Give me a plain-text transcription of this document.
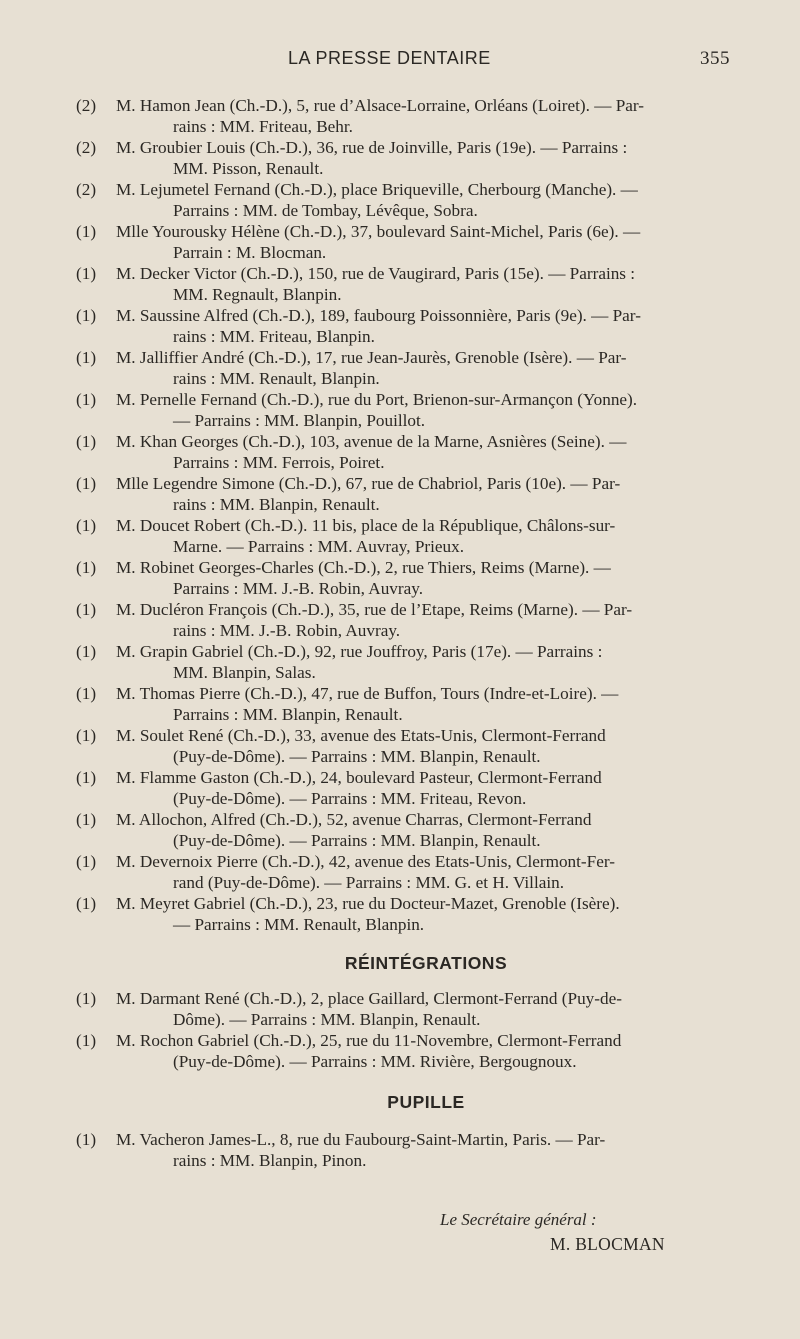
LA PRESSE DENTAIRE	355
(2)	M. Hamon Jean (Ch.-D.), 5, rue d’Alsace-Lorraine, Orléans (Loiret). — Par-
rains : MM. Friteau, Behr.
(2)	M. Groubier Louis (Ch.-D.), 36, rue de Joinville, Paris (19e). — Parrains :
MM. Pisson, Renault.
(2)	M. Lejumetel Fernand (Ch.-D.), place Briqueville, Cherbourg (Manche). —
Parrains : MM. de Tombay, Lévêque, Sobra.
(1)	Mlle Yourousky Hélène (Ch.-D.), 37, boulevard Saint-Michel, Paris (6e). —
Parrain : M. Blocman.
(1)	M. Decker Victor (Ch.-D.), 150, rue de Vaugirard, Paris (15e). — Parrains :
MM. Regnault, Blanpin.
(1)	M. Saussine Alfred (Ch.-D.), 189, faubourg Poissonnière, Paris (9e). — Par-
rains : MM. Friteau, Blanpin.
(1)	M. Jalliffier André (Ch.-D.), 17, rue Jean-Jaurès, Grenoble (Isère). — Par-
rains : MM. Renault, Blanpin.
(1)	M. Pernelle Fernand (Ch.-D.), rue du Port, Brienon-sur-Armançon (Yonne).
— Parrains : MM. Blanpin, Pouillot.
(1)	M. Khan Georges (Ch.-D.), 103, avenue de la Marne, Asnières (Seine). —
Parrains : MM. Ferrois, Poiret.
(1)	Mlle Legendre Simone (Ch.-D.), 67, rue de Chabriol, Paris (10e). — Par-
rains : MM. Blanpin, Renault.
(1)	M. Doucet Robert (Ch.-D.). 11 bis, place de la République, Châlons-sur-
Marne. — Parrains : MM. Auvray, Prieux.
(1)	M. Robinet Georges-Charles (Ch.-D.), 2, rue Thiers, Reims (Marne). —
Parrains : MM. J.-B. Robin, Auvray.
(1)	M. Ducléron François (Ch.-D.), 35, rue de l’Etape, Reims (Marne). — Par-
rains : MM. J.-B. Robin, Auvray.
(1)	M. Grapin Gabriel (Ch.-D.), 92, rue Jouffroy, Paris (17e). — Parrains :
MM. Blanpin, Salas.
(1)	M. Thomas Pierre (Ch.-D.), 47, rue de Buffon, Tours (Indre-et-Loire). —
Parrains : MM. Blanpin, Renault.
(1)	M. Soulet René (Ch.-D.), 33, avenue des Etats-Unis, Clermont-Ferrand
(Puy-de-Dôme). — Parrains : MM. Blanpin, Renault.
(1)	M. Flamme Gaston (Ch.-D.), 24, boulevard Pasteur, Clermont-Ferrand
(Puy-de-Dôme). — Parrains : MM. Friteau, Revon.
(1)	M. Allochon, Alfred (Ch.-D.), 52, avenue Charras, Clermont-Ferrand
(Puy-de-Dôme). — Parrains : MM. Blanpin, Renault.
(1)	M. Devernoix Pierre (Ch.-D.), 42, avenue des Etats-Unis, Clermont-Fer-
rand (Puy-de-Dôme). — Parrains : MM. G. et H. Villain.
(1)	M. Meyret Gabriel (Ch.-D.), 23, rue du Docteur-Mazet, Grenoble (Isère).
— Parrains : MM. Renault, Blanpin.
RÉINTÉGRATIONS
(1)	M. Darmant René (Ch.-D.), 2, place Gaillard, Clermont-Ferrand (Puy-de-
Dôme). — Parrains : MM. Blanpin, Renault.
(1)	M. Rochon Gabriel (Ch.-D.), 25, rue du 11-Novembre, Clermont-Ferrand
(Puy-de-Dôme). — Parrains : MM. Rivière, Bergougnoux.
PUPILLE
(1)	M. Vacheron James-L., 8, rue du Faubourg-Saint-Martin, Paris. — Par-
rains : MM. Blanpin, Pinon.
Le Secrétaire général :
M. BLOCMAN
